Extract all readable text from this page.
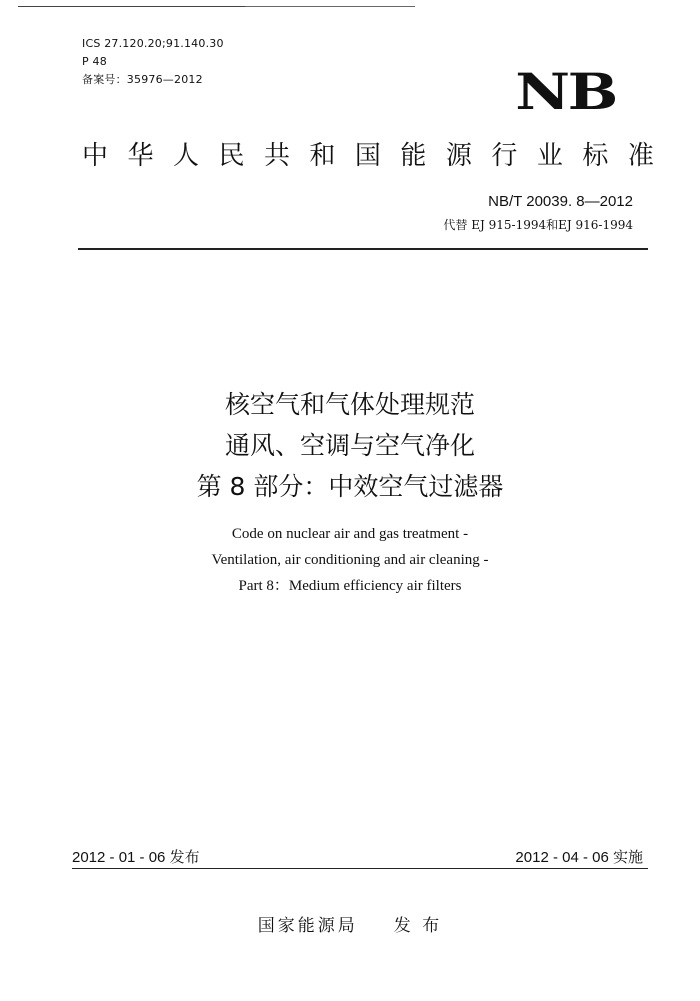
ICS 27.120.20;91.140.30
P 48
备案号：35976—2012	NB
中 华 人 民 共 和 国 能 源 行 业 标 准
NB/T 20039. 8—2012
代替 EJ 915-1994和EJ 916-1994
核空气和气体处理规范
通风、空调与空气净化
第 8 部分：中效空气过滤器
Code on nuclear air and gas treatment -
Ventilation, air conditioning and air cleaning -
Part 8：Medium efficiency air filters
2012 - 01 - 06 发布	2012 - 04 - 06 实施
国家能源局 发 布
